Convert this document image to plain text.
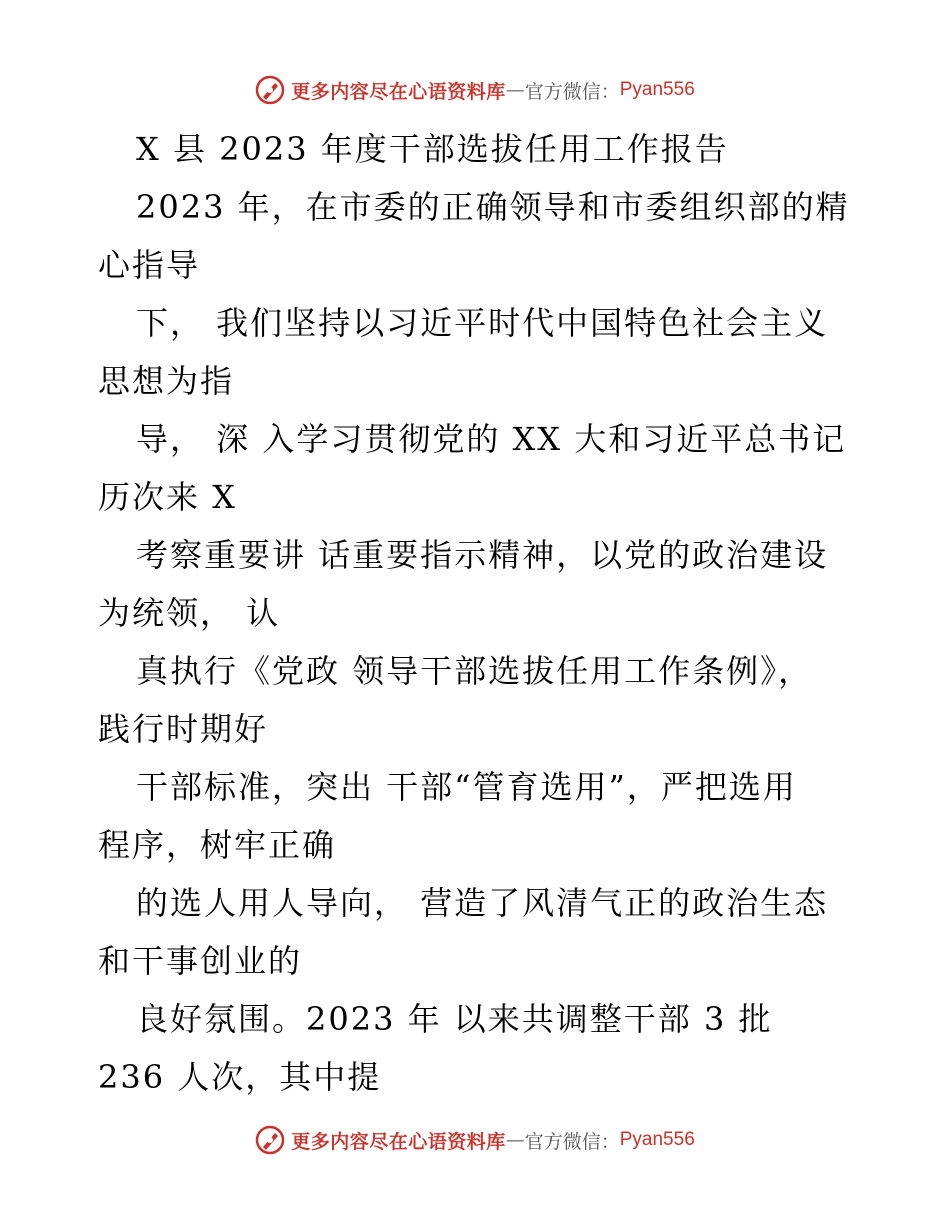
更多内容尽在心语资料库 — 官方微信： Pyan556
X 县 2023 年度干部选拔任用工作报告
2023 年，在市委的正确领导和市委组织部的精
心指导
下， 我们坚持以习近平时代中国特色社会主义
思想为指
导， 深 入学习贯彻党的 XX 大和习近平总书记
历次来 X
考察重要讲 话重要指示精神，以党的政治建设
为统领， 认
真执行《党政 领导干部选拔任用工作条例》，
践行时期好
干部标准，突出 干部“管育选用”，严把选用
程序，树牢正确
的选人用人导向， 营造了风清气正的政治生态
和干事创业的
良好氛围。2023 年 以来共调整干部 3 批
236 人次，其中提
更多内容尽在心语资料库 — 官方微信： Pyan556
